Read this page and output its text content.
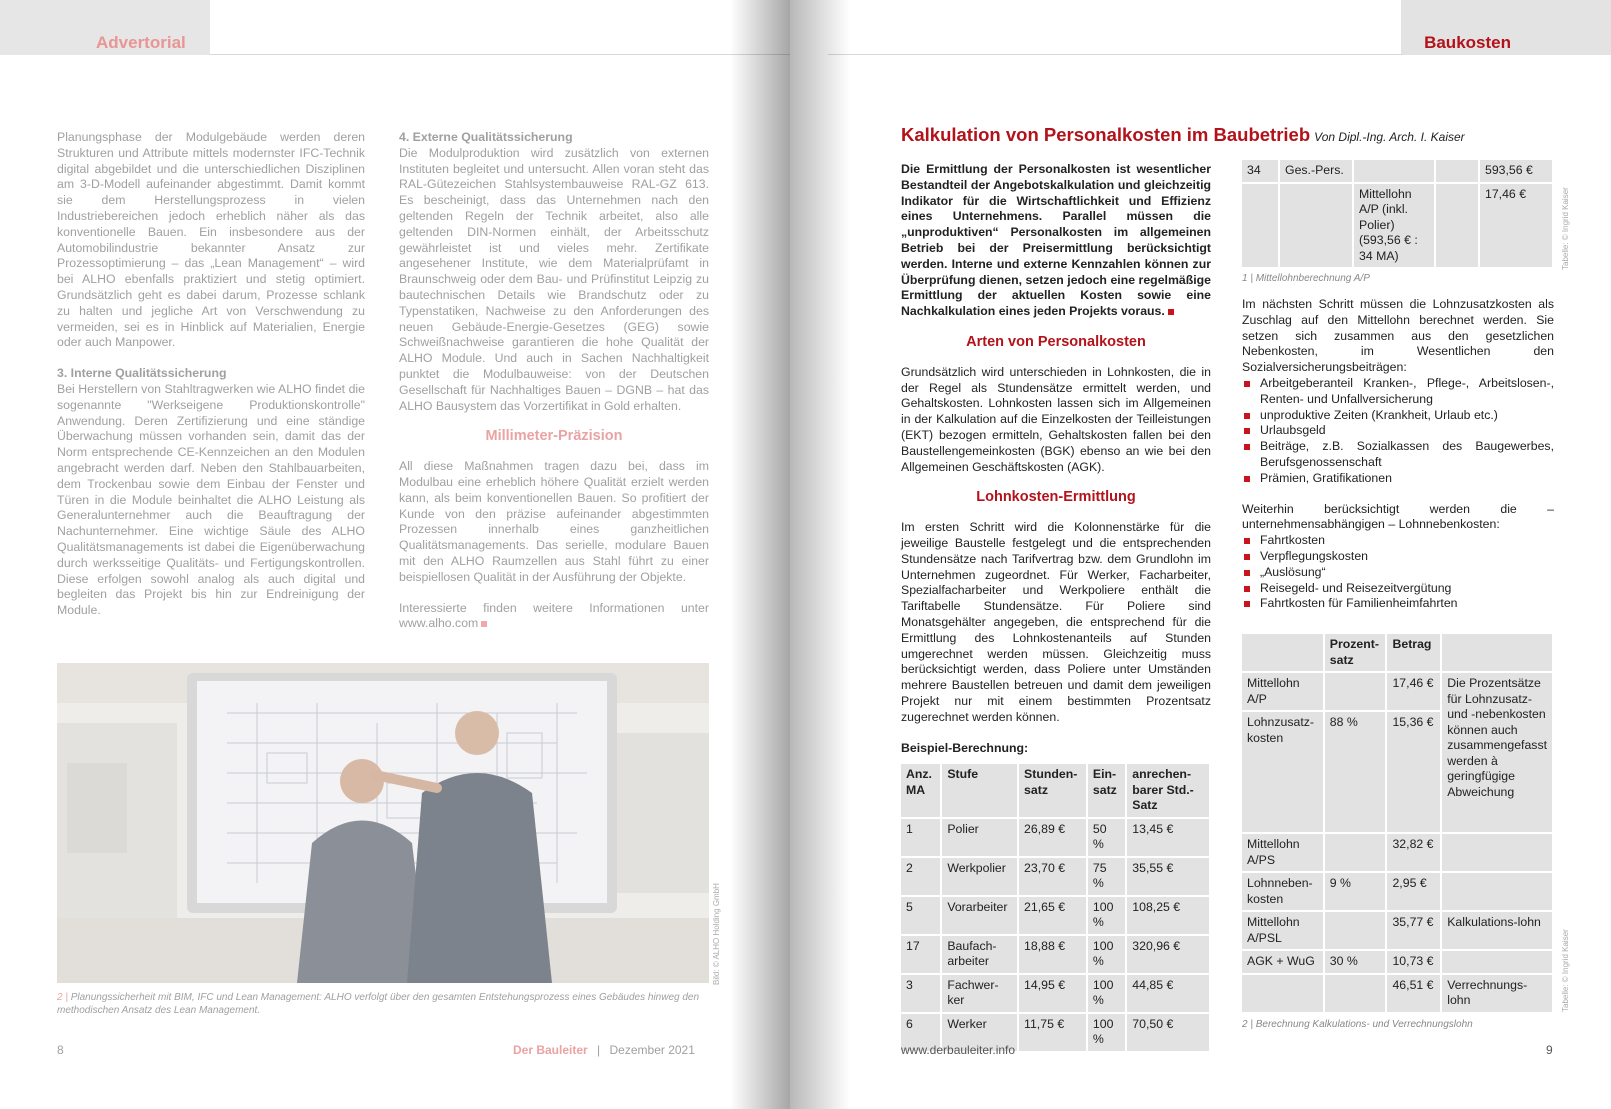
Advertorial

Planungsphase der Modulgebäude werden deren Strukturen und Attribute mittels modernster IFC-Technik digital abgebildet und die unterschiedlichen Disziplinen am 3-D-Modell aufeinander abgestimmt. Damit kommt sie dem Herstellungsprozess in vielen Industriebereichen jedoch erheblich näher als das konventionelle Bauen. Ein insbesondere aus der Automobilindustrie bekannter Ansatz zur Prozessoptimierung – das „Lean Management“ – wird bei ALHO ebenfalls praktiziert und stetig optimiert. Grundsätzlich geht es dabei darum, Prozesse schlank zu halten und jegliche Art von Verschwendung zu vermeiden, sei es in Hinblick auf Materialien, Energie oder auch Manpower.

3. Interne Qualitätssicherung

Bei Herstellern von Stahltragwerken wie ALHO findet die sogenannte "Werkseigene Produktionskontrolle" Anwendung. Deren Zertifizierung und eine ständige Überwachung müssen vorhanden sein, damit das der Norm entsprechende CE-Kennzeichen an den Modulen angebracht werden darf. Neben den Stahlbauarbeiten, dem Trockenbau sowie dem Einbau der Fenster und Türen in die Module beinhaltet die ALHO Leistung als Generalunternehmer auch die Beauftragung der Nachunternehmer. Eine wichtige Säule des ALHO Qualitätsmanagements ist dabei die Eigenüberwachung durch werksseitige Qualitäts- und Fertigungskontrollen. Diese erfolgen sowohl analog als auch digital und begleiten das Projekt bis hin zur Endreinigung der Module.

4. Externe Qualitätssicherung

Die Modulproduktion wird zusätzlich von externen Instituten begleitet und untersucht. Allen voran steht das RAL-Gütezeichen Stahlsystembauweise RAL-GZ 613. Es bescheinigt, dass das Unternehmen nach den geltenden Regeln der Technik arbeitet, also alle geltenden DIN-Normen einhält, der Arbeitsschutz gewährleistet ist und vieles mehr. Zertifikate angesehener Institute, wie dem Materialprüfamt in Braunschweig oder dem Bau- und Prüfinstitut Leipzig zu bautechnischen Details wie Brandschutz oder zu Typenstatiken, Nachweise zu den Anforderungen des neuen Gebäude-Energie-Gesetzes (GEG) sowie Schweißnachweise garantieren die hohe Qualität der ALHO Module. Und auch in Sachen Nachhaltigkeit punktet die Modulbauweise: von der Deutschen Gesellschaft für Nachhaltiges Bauen – DGNB – hat das ALHO Bausystem das Vorzertifikat in Gold erhalten.

Millimeter-Präzision

All diese Maßnahmen tragen dazu bei, dass im Modulbau eine erheblich höhere Qualität erzielt werden kann, als beim konventionellen Bauen. So profitiert der Kunde von den präzise aufeinander abgestimmten Prozessen innerhalb eines ganzheitlichen Qualitätsmanagements. Das serielle, modulare Bauen mit den ALHO Raumzellen aus Stahl führt zu einer beispiellosen Qualität in der Ausführung der Objekte.

Interessierte finden weitere Informationen unter www.alho.com

Bild: © ALHO Holding GmbH
2 | Planungssicherheit mit BIM, IFC und Lean Management: ALHO verfolgt über den gesamten Entstehungsprozess eines Gebäudes hinweg den methodischen Ansatz des Lean Management.
8	Der Bauleiter | Dezember 2021
Baukosten
Kalkulation von Personalkosten im Baubetrieb Von Dipl.-Ing. Arch. I. Kaiser

Die Ermittlung der Personalkosten ist wesentlicher Bestandteil der Angebotskalkulation und gleichzeitig Indikator für die Wirtschaftlichkeit und Effizienz eines Unternehmens. Parallel müssen die „unproduktiven“ Personalkosten im allgemeinen Betrieb bei der Preisermittlung berücksichtigt werden. Interne und externe Kennzahlen können zur Überprüfung dienen, setzen jedoch eine regelmäßige Ermittlung der aktuellen Kosten sowie eine Nachkalkulation eines jeden Projekts voraus.

Arten von Personalkosten

Grundsätzlich wird unterschieden in Lohnkosten, die in der Regel als Stundensätze ermittelt werden, und Gehaltskosten. Lohnkosten lassen sich im Allgemeinen in der Kalkulation auf die Einzelkosten der Teilleistungen (EKT) bezogen ermitteln, Gehaltskosten fallen bei den Baustellengemeinkosten (BGK) ebenso an wie bei den Allgemeinen Geschäftskosten (AGK).

Lohnkosten-Ermittlung

Im ersten Schritt wird die Kolonnenstärke für die jeweilige Baustelle festgelegt und die entsprechenden Stundensätze nach Tarifvertrag bzw. dem Grundlohn im Unternehmen zugeordnet. Für Werker, Facharbeiter, Spezialfacharbeiter und Werkpoliere enthält die Tariftabelle Stundensätze. Für Poliere sind Monatsgehälter angegeben, die entsprechend für die Ermittlung des Lohnkostenanteils auf Stunden umgerechnet werden müssen. Gleichzeitig muss berücksichtigt werden, dass Poliere unter Umständen mehrere Baustellen betreuen und damit dem jeweiligen Projekt nur mit einem bestimmten Prozentsatz zugerechnet werden können.

Beispiel-Berechnung:
Anz. MA	Stufe	Stunden-satz	Ein-satz	anrechen-barer Std.-Satz
1	Polier	26,89 €	50 %	13,45 €
2	Werkpolier	23,70 €	75 %	35,55 €
5	Vorarbeiter	21,65 €	100 %	108,25 €
17	Baufach-arbeiter	18,88 €	100 %	320,96 €
3	Fachwer-ker	14,95 €	100 %	44,85 €
6	Werker	11,75 €	100 %	70,50 €
34	Ges.-Pers.			593,56 €
		Mittellohn A/P (inkl. Polier) (593,56 € : 34 MA)		17,46 €
1 | Mittellohnberechnung A/P

Im nächsten Schritt müssen die Lohnzusatzkosten als Zuschlag auf den Mittellohn berechnet werden. Sie setzen sich zusammen aus den gesetzlichen Nebenkosten, im Wesentlichen den Sozialversicherungsbeiträgen:

Arbeitgeberanteil Kranken-, Pflege-, Arbeitslosen-, Renten- und Unfallversicherung
unproduktive Zeiten (Krankheit, Urlaub etc.)
Urlaubsgeld
Beiträge, z.B. Sozialkassen des Baugewerbes, Berufsgenossenschaft
Prämien, Gratifikationen

Weiterhin berücksichtigt werden die – unternehmensabhängigen – Lohnnebenkosten:

Fahrtkosten
Verpflegungskosten
„Auslösung“
Reisegeld- und Reisezeitvergütung
Fahrtkosten für Familienheimfahrten
	Prozent-satz	Betrag	
Mittellohn A/P		17,46 €	Die Prozentsätze für Lohnzusatz- und -nebenkosten können auch zusammengefasst werden à geringfügige Abweichung
Lohnzusatz-kosten	88 %	15,36 €	
Mittellohn A/PS		32,82 €	
Lohnneben-kosten	9 %	2,95 €	
Mittellohn A/PSL		35,77 €	Kalkulations-lohn
AGK + WuG	30 %	10,73 €	
		46,51 €	Verrechnungs-lohn
2 | Berechnung Kalkulations- und Verrechnungslohn
Tabelle: © Ingrid Kaiser
Tabelle: © Ingrid Kaiser
www.derbauleiter.info	9
